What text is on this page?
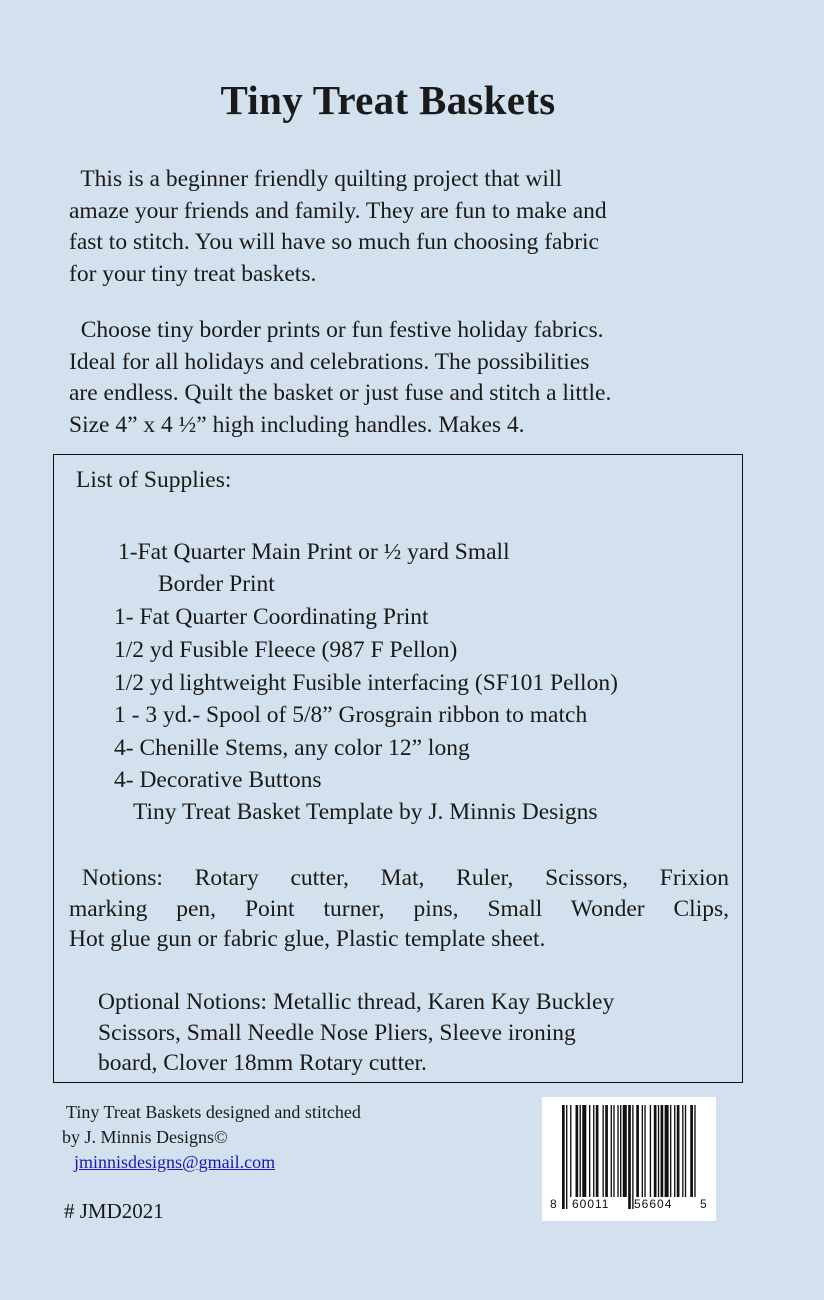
Tiny Treat Baskets

This is a beginner friendly quilting project that will
amaze your friends and family. They are fun to make and
fast to stitch. You will have so much fun choosing fabric
for your tiny treat baskets.

Choose tiny border prints or fun festive holiday fabrics.
Ideal for all holidays and celebrations. The possibilities
are endless. Quilt the basket or just fuse and stitch a little.
Size 4” x 4 ½” high including handles. Makes 4.

List of Supplies:
1-Fat Quarter Main Print or ½ yard Small
Border Print
1- Fat Quarter Coordinating Print
1/2 yd Fusible Fleece (987 F Pellon)
1/2 yd lightweight Fusible interfacing (SF101 Pellon)
1 - 3 yd.- Spool of 5/8” Grosgrain ribbon to match
4- Chenille Stems, any color 12” long
4- Decorative Buttons
Tiny Treat Basket Template by J. Minnis Designs
Notions: Rotary cutter, Mat, Ruler, Scissors, Frixion
marking pen, Point turner, pins, Small Wonder Clips,
Hot glue gun or fabric glue, Plastic template sheet.
Optional Notions: Metallic thread, Karen Kay Buckley
Scissors, Small Needle Nose Pliers, Sleeve ironing
board, Clover 18mm Rotary cutter.
Tiny Treat Baskets designed and stitched
by J. Minnis Designs©
jminnisdesigns@gmail.com
# JMD2021	8 60011 56604 5
